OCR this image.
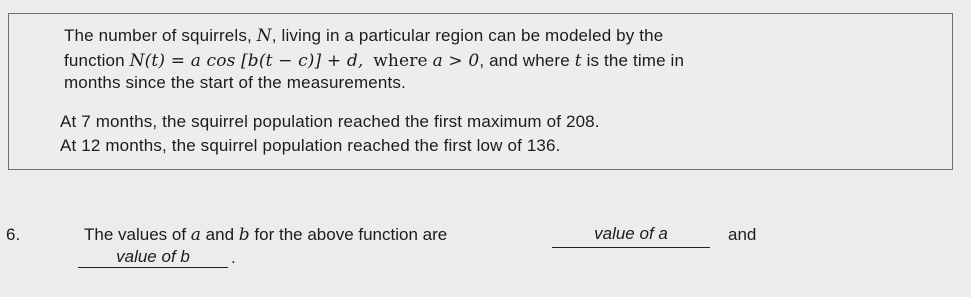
The number of squirrels, N, living in a particular region can be modeled by the
function N(t) = a cos [b(t − c)] + d, where a > 0, and where t is the time in
months since the start of the measurements.
At 7 months, the squirrel population reached the first maximum of 208.
At 12 months, the squirrel population reached the first low of 136.
6.	The values of a and b for the above function are	value of a	and
value of b	.
